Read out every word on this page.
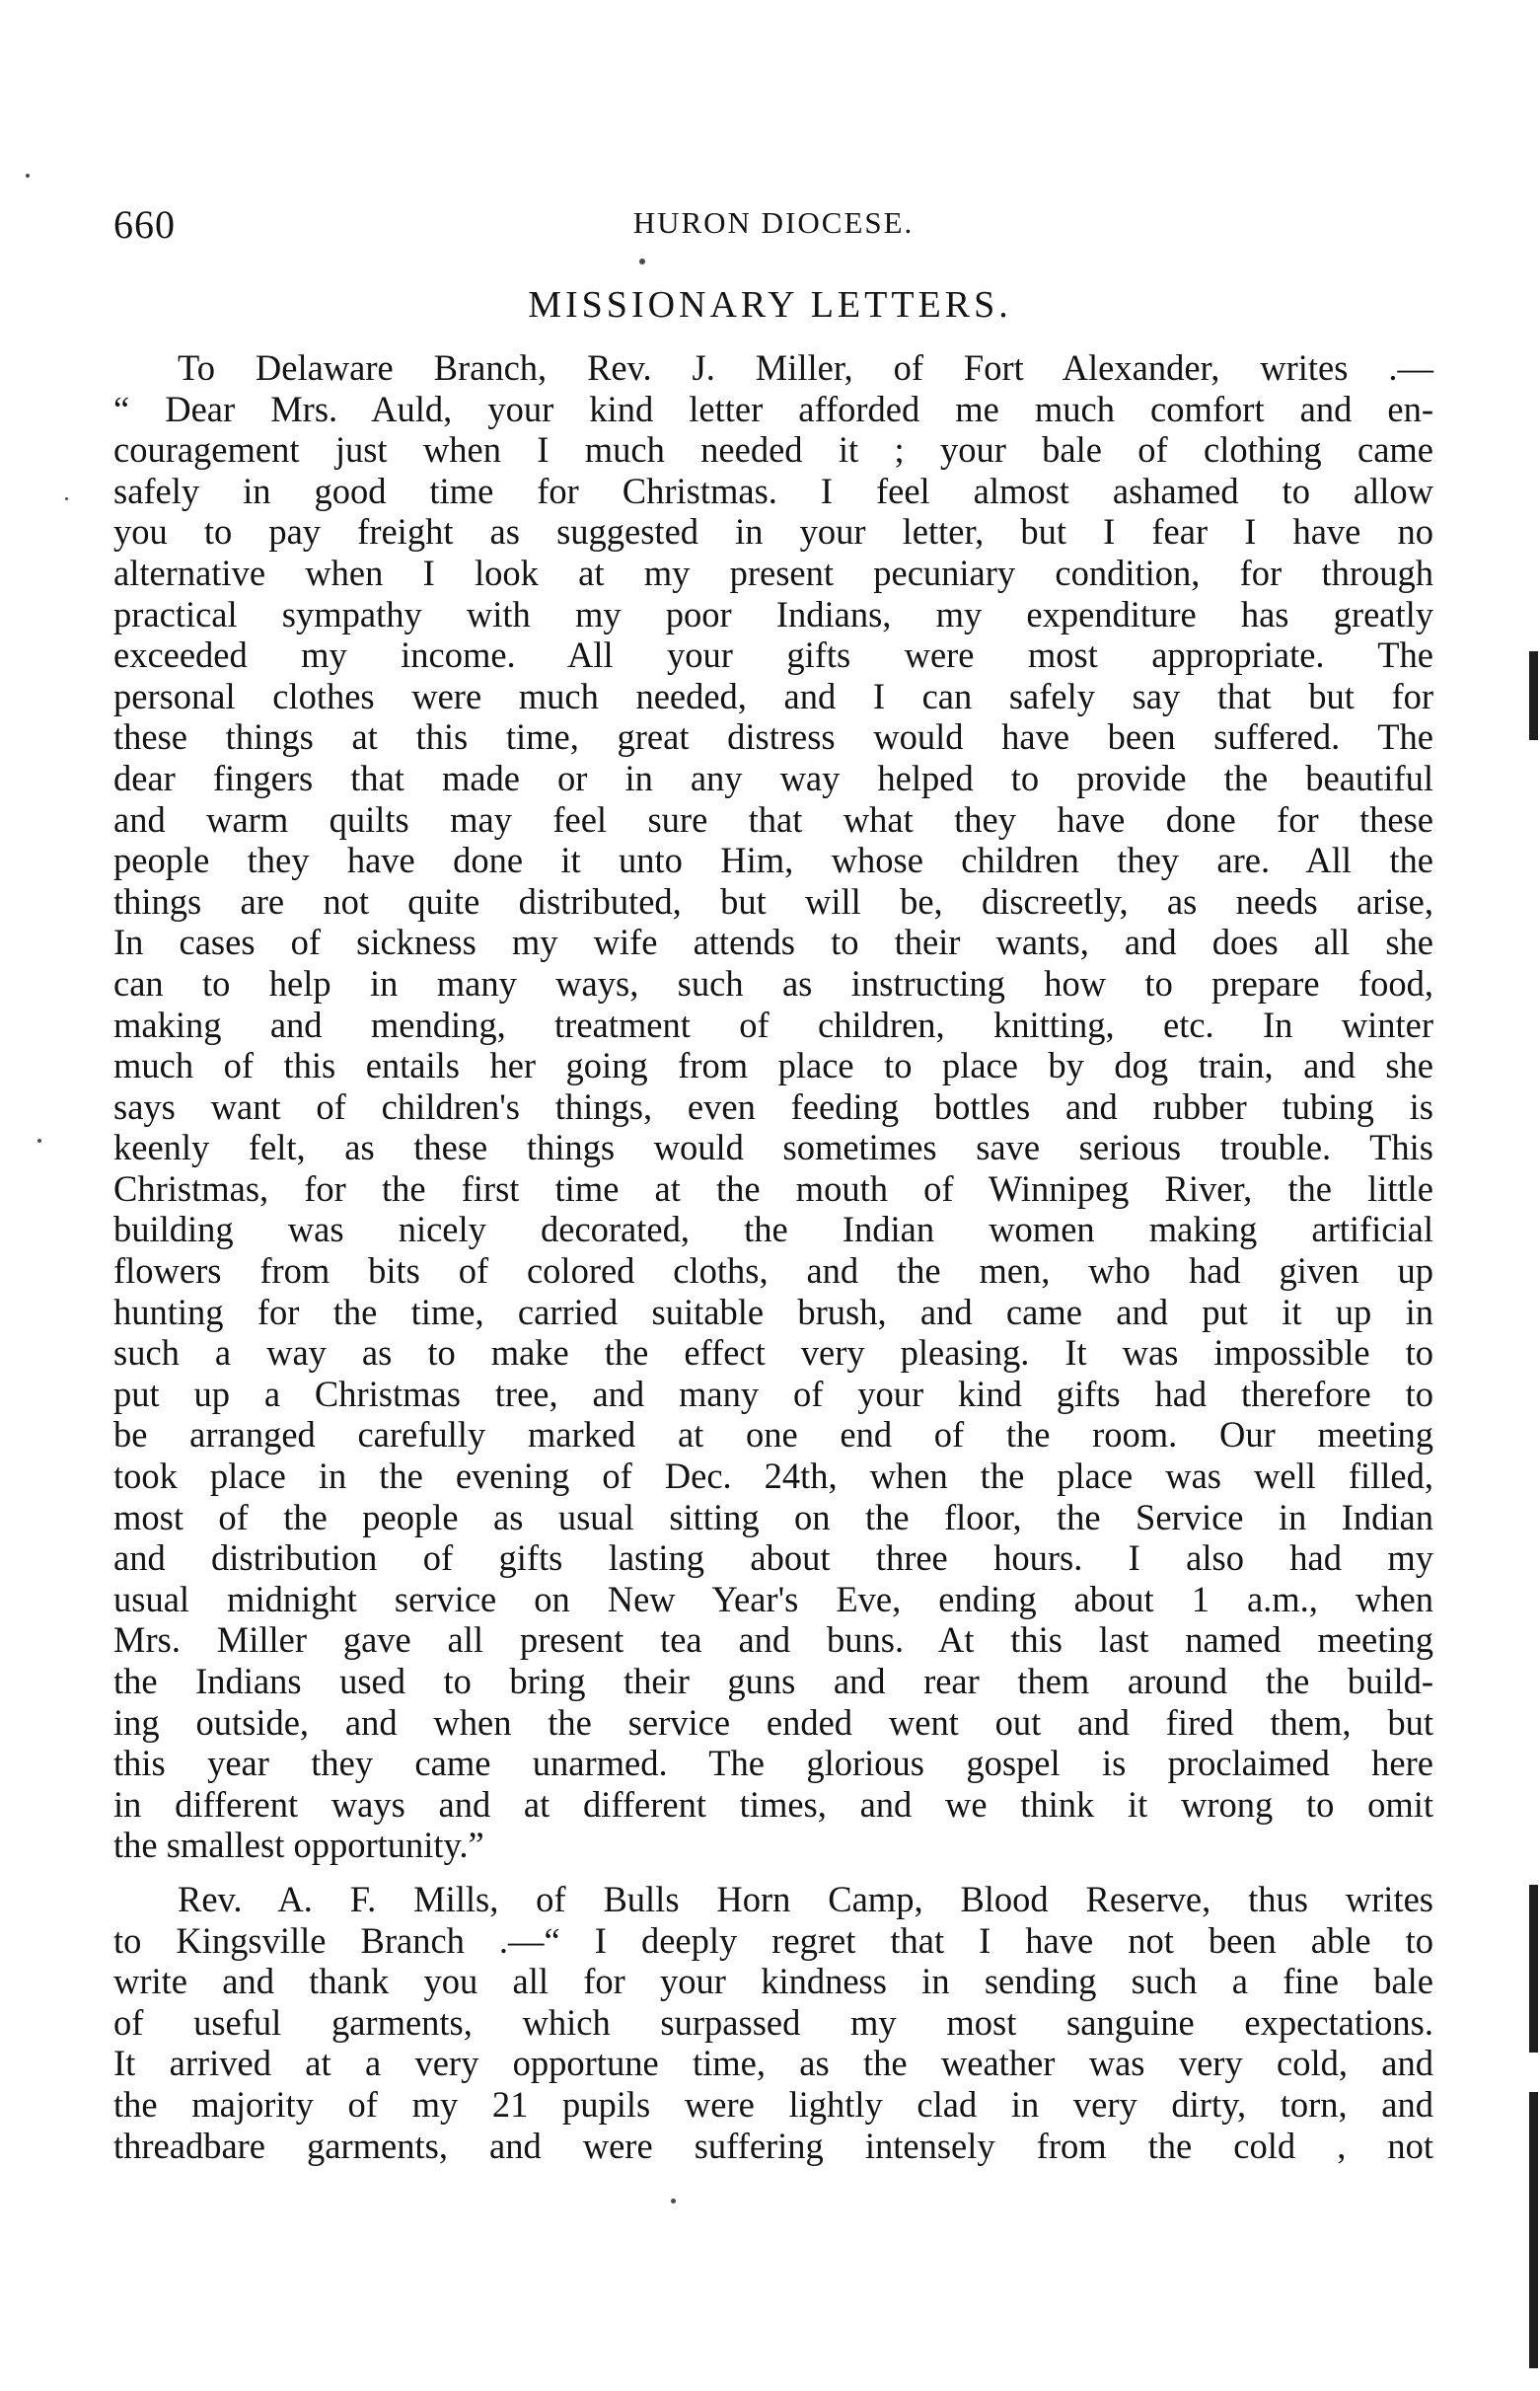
660	HURON DIOCESE.
MISSIONARY LETTERS.
To Delaware Branch, Rev. J. Miller, of Fort Alexander, writes .—
“ Dear Mrs. Auld, your kind letter afforded me much comfort and en-
couragement just when I much needed it ; your bale of clothing came
safely in good time for Christmas. I feel almost ashamed to allow
you to pay freight as suggested in your letter, but I fear I have no
alternative when I look at my present pecuniary condition, for through
practical sympathy with my poor Indians, my expenditure has greatly
exceeded my income. All your gifts were most appropriate. The
personal clothes were much needed, and I can safely say that but for
these things at this time, great distress would have been suffered. The
dear fingers that made or in any way helped to provide the beautiful
and warm quilts may feel sure that what they have done for these
people they have done it unto Him, whose children they are. All the
things are not quite distributed, but will be, discreetly, as needs arise,
In cases of sickness my wife attends to their wants, and does all she
can to help in many ways, such as instructing how to prepare food,
making and mending, treatment of children, knitting, etc. In winter
much of this entails her going from place to place by dog train, and she
says want of children's things, even feeding bottles and rubber tubing is
keenly felt, as these things would sometimes save serious trouble. This
Christmas, for the first time at the mouth of Winnipeg River, the little
building was nicely decorated, the Indian women making artificial
flowers from bits of colored cloths, and the men, who had given up
hunting for the time, carried suitable brush, and came and put it up in
such a way as to make the effect very pleasing. It was impossible to
put up a Christmas tree, and many of your kind gifts had therefore to
be arranged carefully marked at one end of the room. Our meeting
took place in the evening of Dec. 24th, when the place was well filled,
most of the people as usual sitting on the floor, the Service in Indian
and distribution of gifts lasting about three hours. I also had my
usual midnight service on New Year's Eve, ending about 1 a.m., when
Mrs. Miller gave all present tea and buns. At this last named meeting
the Indians used to bring their guns and rear them around the build-
ing outside, and when the service ended went out and fired them, but
this year they came unarmed. The glorious gospel is proclaimed here
in different ways and at different times, and we think it wrong to omit
the smallest opportunity.”
Rev. A. F. Mills, of Bulls Horn Camp, Blood Reserve, thus writes
to Kingsville Branch .—“ I deeply regret that I have not been able to
write and thank you all for your kindness in sending such a fine bale
of useful garments, which surpassed my most sanguine expectations.
It arrived at a very opportune time, as the weather was very cold, and
the majority of my 21 pupils were lightly clad in very dirty, torn, and
threadbare garments, and were suffering intensely from the cold , not
